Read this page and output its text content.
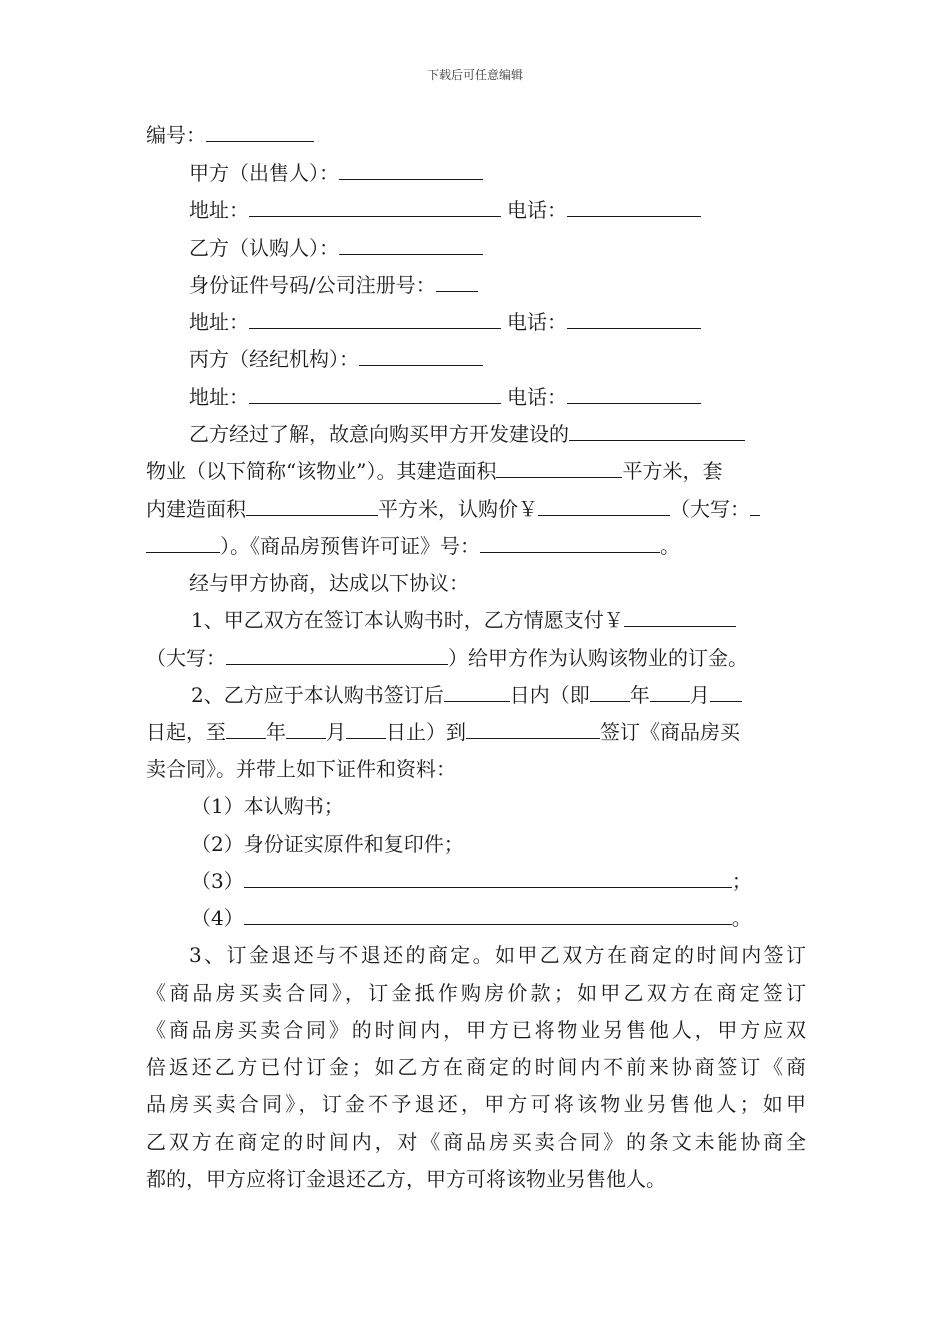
下载后可任意编辑
编号：
甲方（出售人）：
地址：	电话：
乙方（认购人）：
身份证件号码/公司注册号：
地址：	电话：
丙方（经纪机构）：
地址：	电话：
乙方经过了解，故意向购买甲方开发建设的
物业（以下简称“该物业”）。其建造面积	平方米，套
内建造面积	平方米，认购价￥	（大写：
）。《商品房预售许可证》号：	。
经与甲方协商，达成以下协议：
1、甲乙双方在签订本认购书时，乙方情愿支付￥
（大写：	）给甲方作为认购该物业的订金。
2、乙方应于本认购书签订后	日内（即 年 月
日起，至 年 月 日止）到	签订《商品房买
卖合同》。并带上如下证件和资料：
（1）本认购书；
（2）身份证实原件和复印件；
（3）	；
（4）	。
3、订金退还与不退还的商定。如甲乙双方在商定的时间内签订
《商品房买卖合同》，订金抵作购房价款；如甲乙双方在商定签订
《商品房买卖合同》的时间内，甲方已将物业另售他人，甲方应双
倍返还乙方已付订金；如乙方在商定的时间内不前来协商签订《商
品房买卖合同》，订金不予退还，甲方可将该物业另售他人；如甲
乙双方在商定的时间内，对《商品房买卖合同》的条文未能协商全
都的，甲方应将订金退还乙方，甲方可将该物业另售他人。
